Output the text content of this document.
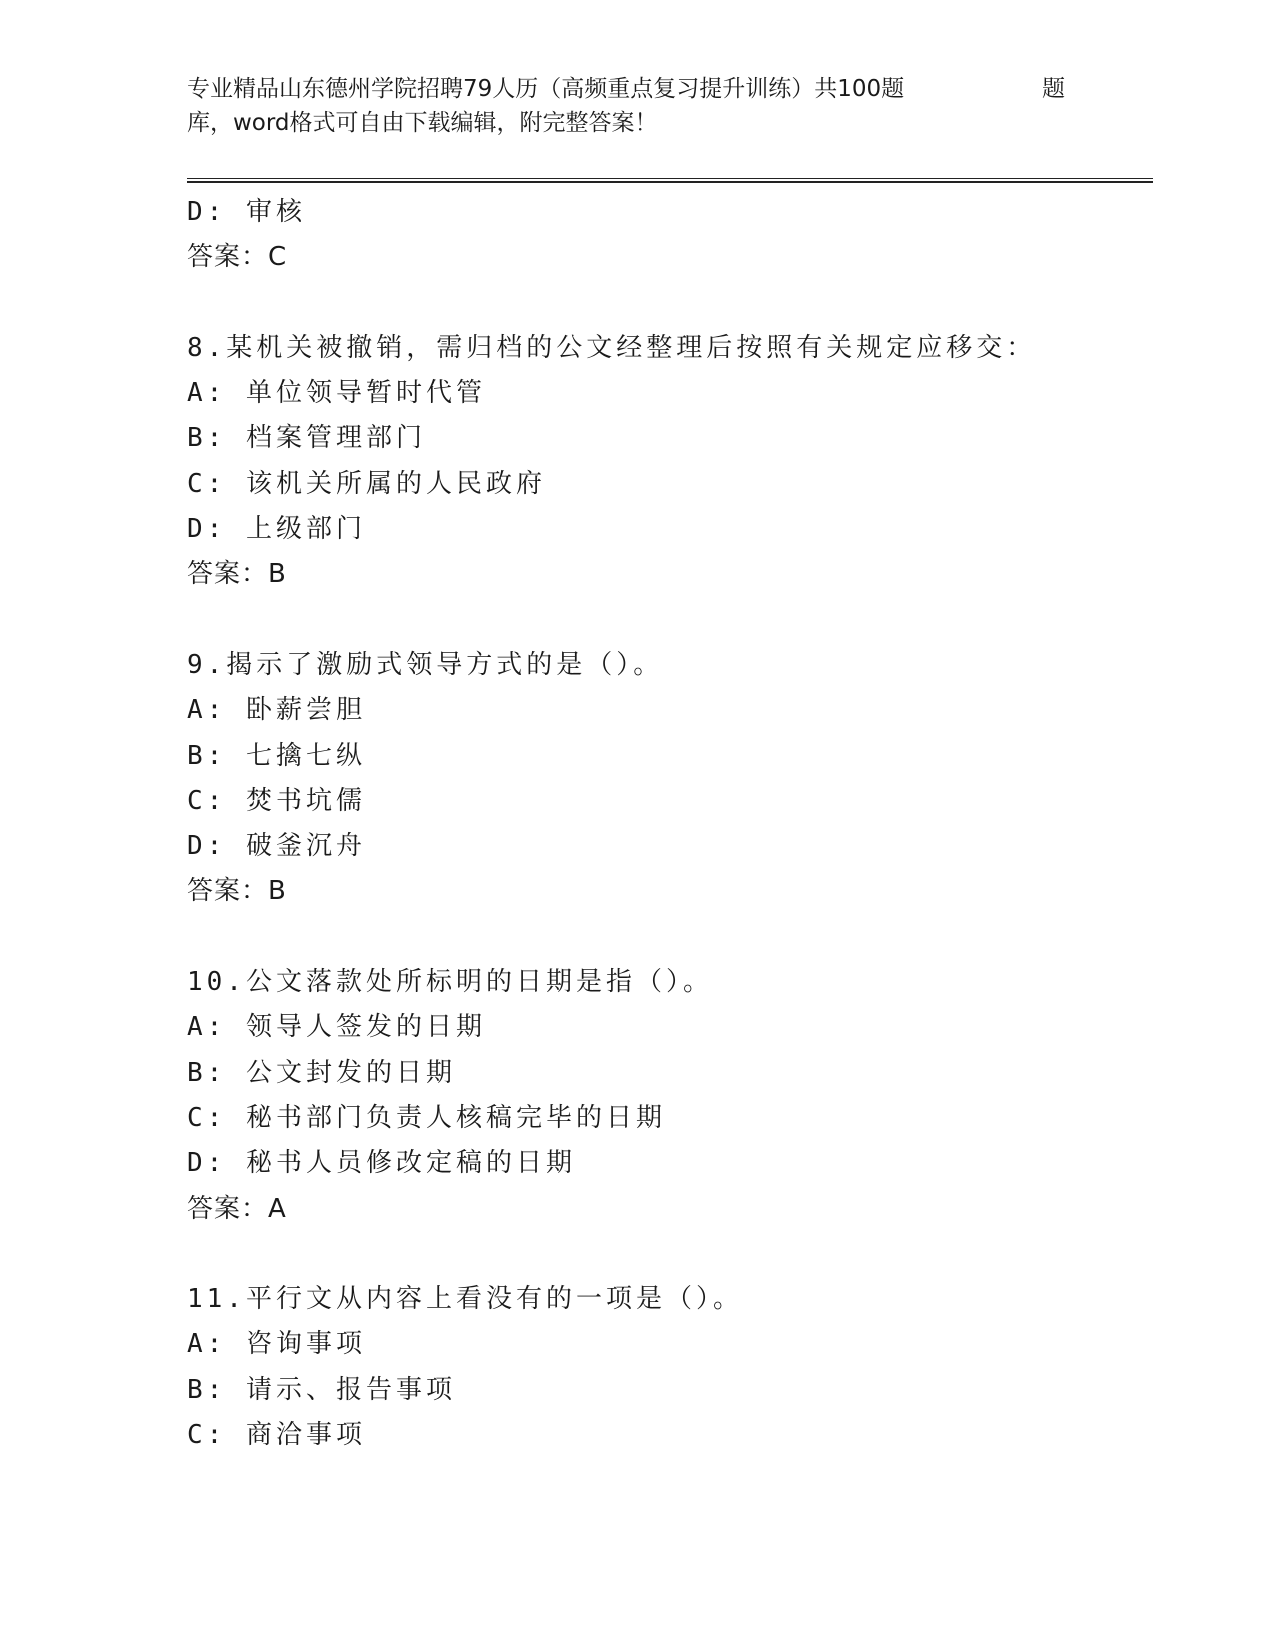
专业精品山东德州学院招聘79人历（高频重点复习提升训练）共100题
库，word格式可自由下载编辑，附完整答案！
题
D: 审核
答案：C
8.某机关被撤销，需归档的公文经整理后按照有关规定应移交：
A: 单位领导暂时代管
B: 档案管理部门
C: 该机关所属的人民政府
D: 上级部门
答案：B
9.揭示了激励式领导方式的是（）。
A: 卧薪尝胆
B: 七擒七纵
C: 焚书坑儒
D: 破釜沉舟
答案：B
10.公文落款处所标明的日期是指（）。
A: 领导人签发的日期
B: 公文封发的日期
C: 秘书部门负责人核稿完毕的日期
D: 秘书人员修改定稿的日期
答案：A
11.平行文从内容上看没有的一项是（）。
A: 咨询事项
B: 请示、报告事项
C: 商洽事项
